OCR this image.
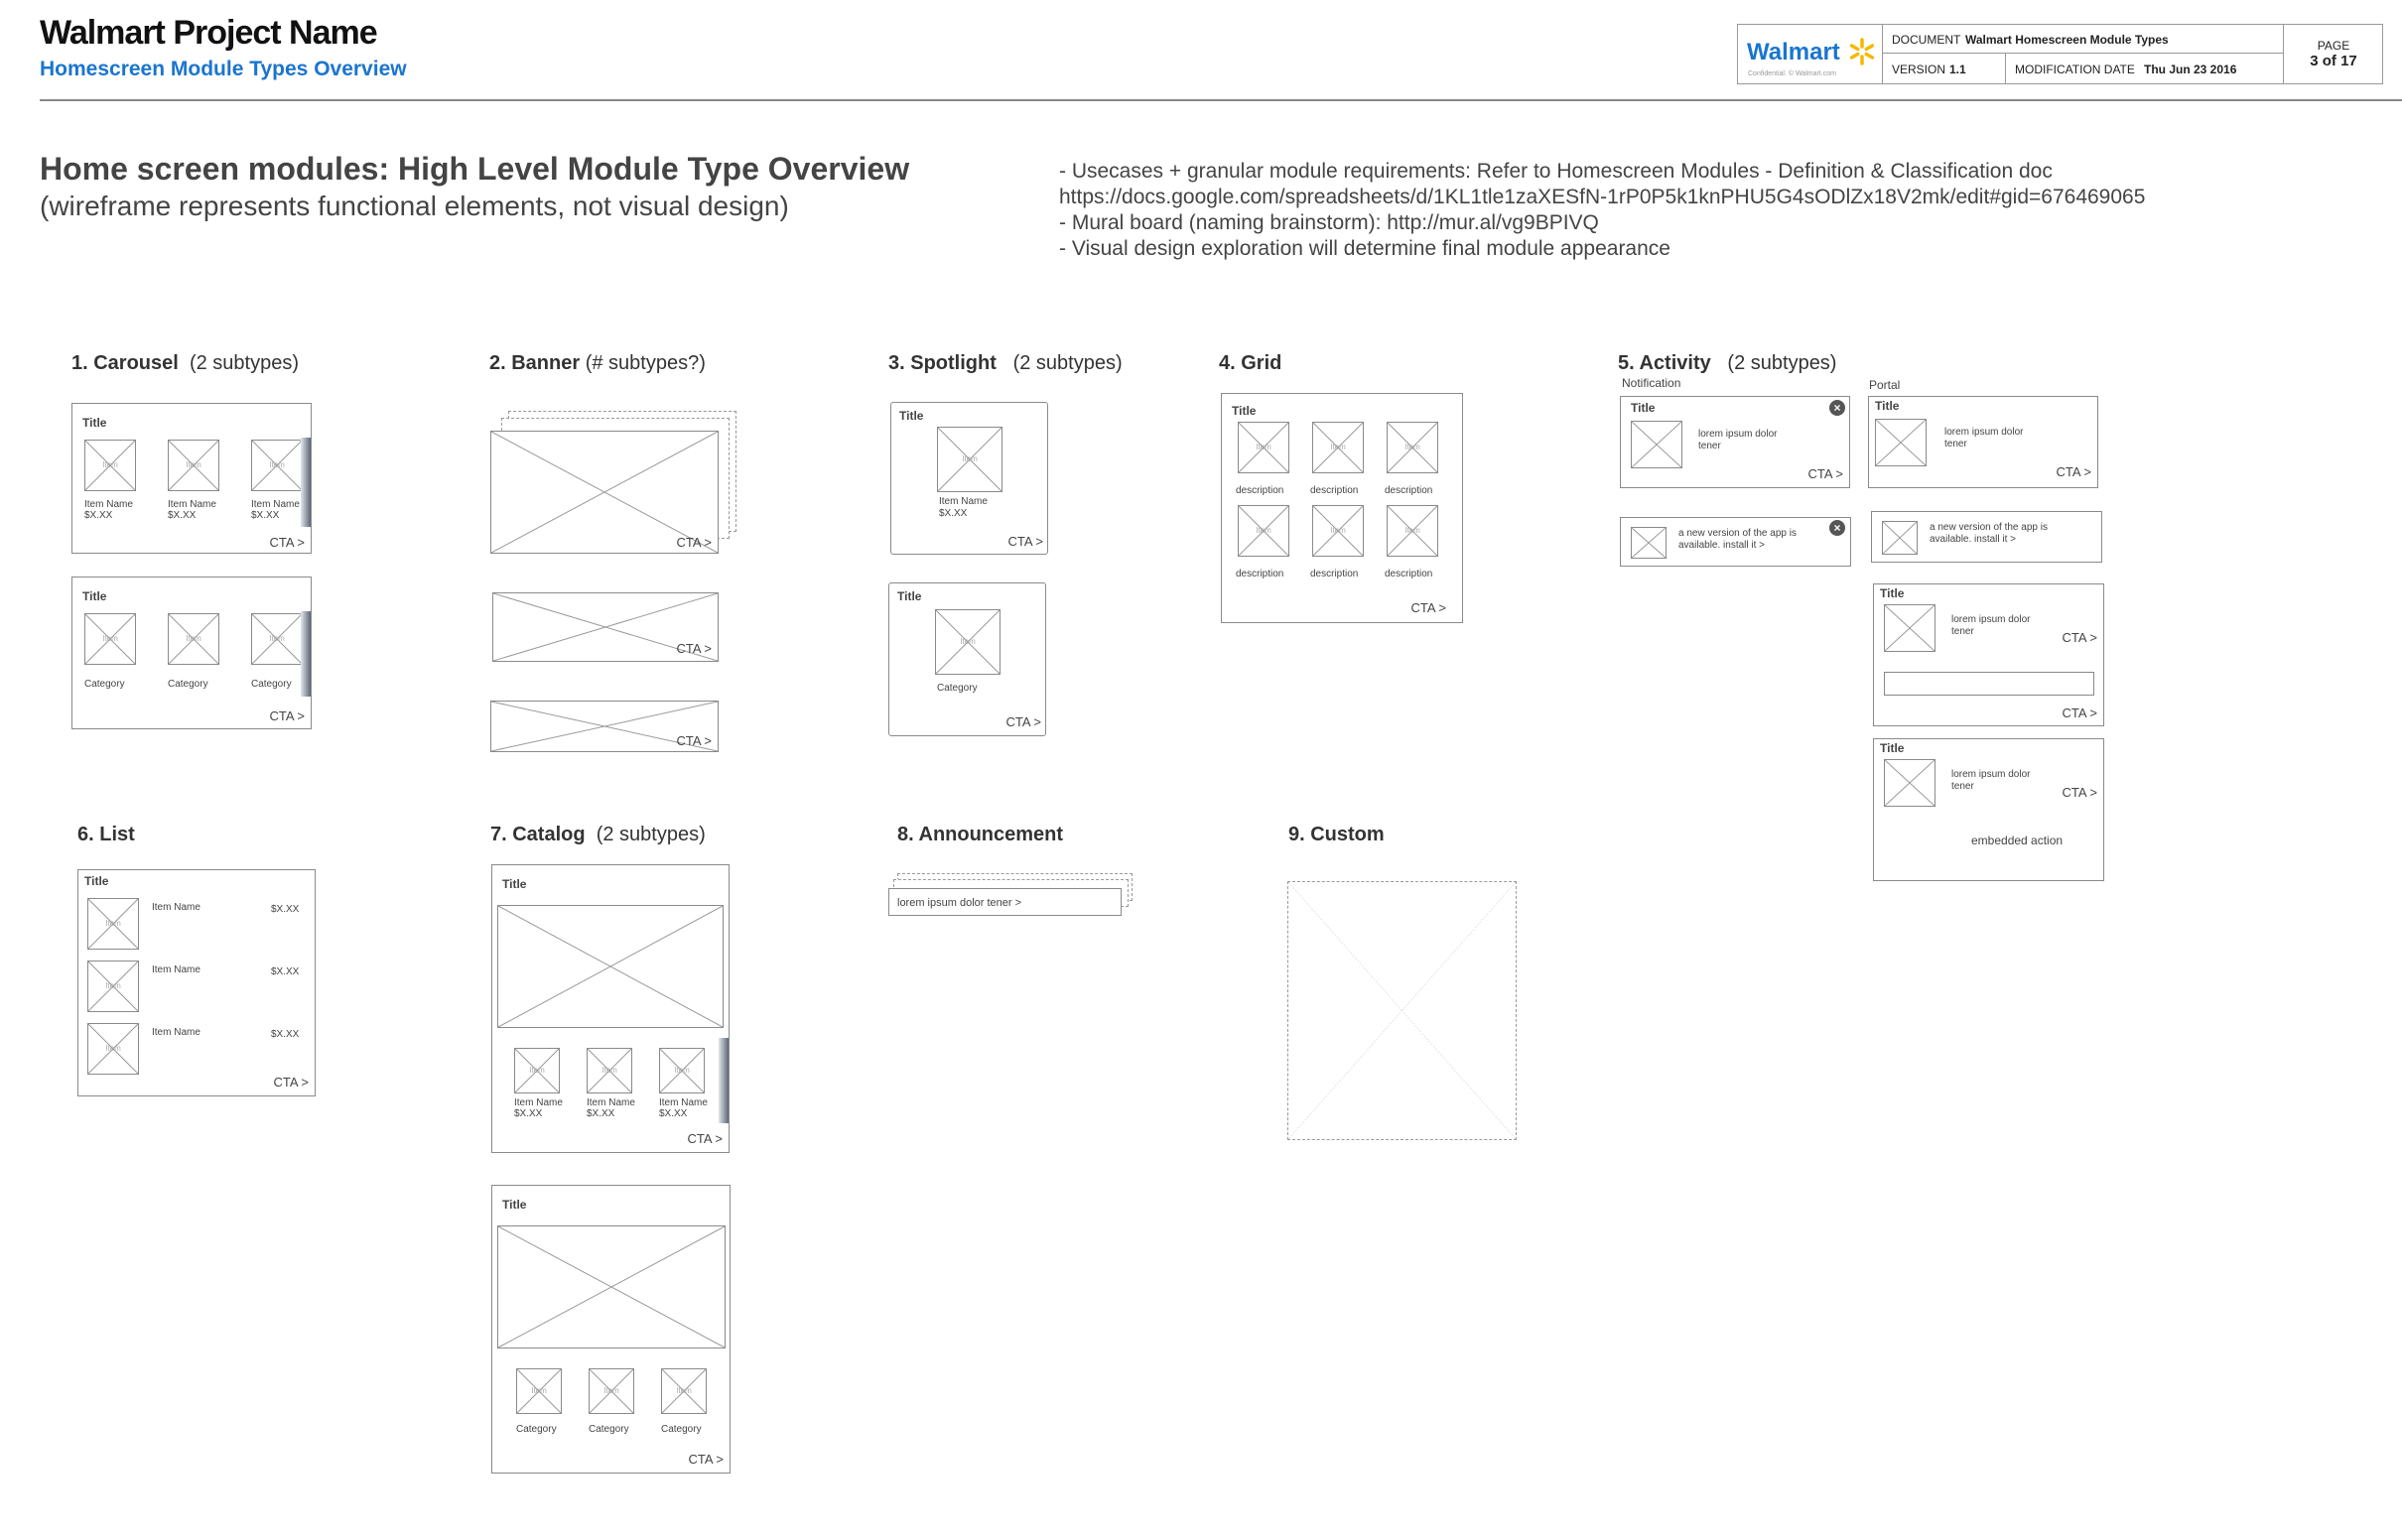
Walmart Project Name
Homescreen Module Types Overview
Walmart
Confidential. © Walmart.com
DOCUMENT Walmart Homescreen Module Types
VERSION 1.1	MODIFICATION DATE Thu Jun 23 2016
PAGE
3 of 17
Home screen modules: High Level Module Type Overview
(wireframe represents functional elements, not visual design)
- Usecases + granular module requirements: Refer to Homescreen Modules - Definition & Classification doc
https://docs.google.com/spreadsheets/d/1KL1tle1zaXESfN-1rP0P5k1knPHU5G4sODlZx18V2mk/edit#gid=676469065
- Mural board (naming brainstorm): http://mur.al/vg9BPIVQ
- Visual design exploration will determine final module appearance
1. Carousel (2 subtypes)	2. Banner (# subtypes?)	3. Spotlight (2 subtypes)	4. Grid	5. Activity (2 subtypes)
6. List	7. Catalog (2 subtypes)	8. Announcement	9. Custom
Title
Item
Item Name
$X.XX
Item
Item Name
$X.XX
Item
Item Name
$X.XX
CTA >
Title
Item
Category
Item
Category
Item
Category
CTA >
CTA >
CTA >
CTA >
Title
Item
Item Name
$X.XX
CTA >
Title
Item
Category
CTA >
Title
Item
description
Item
description
Item
description
Item
description
Item
description
Item
description
CTA >
Notification	Portal
Title	×
lorem ipsum dolor
tener
CTA >
×
a new version of the app is
available. install it >
Title
lorem ipsum dolor
tener
CTA >
a new version of the app is
available. install it >
Title
lorem ipsum dolor
tener	CTA >
CTA >
Title
lorem ipsum dolor
tener	CTA >
embedded action
Title
Item
Item Name	$X.XX
Item
Item Name	$X.XX
Item
Item Name	$X.XX
CTA >
Title
Item
Item Name
$X.XX
Item
Item Name
$X.XX
Item
Item Name
$X.XX
CTA >
Title
Item
Category
Item
Category
Item
Category
CTA >
lorem ipsum dolor tener >
